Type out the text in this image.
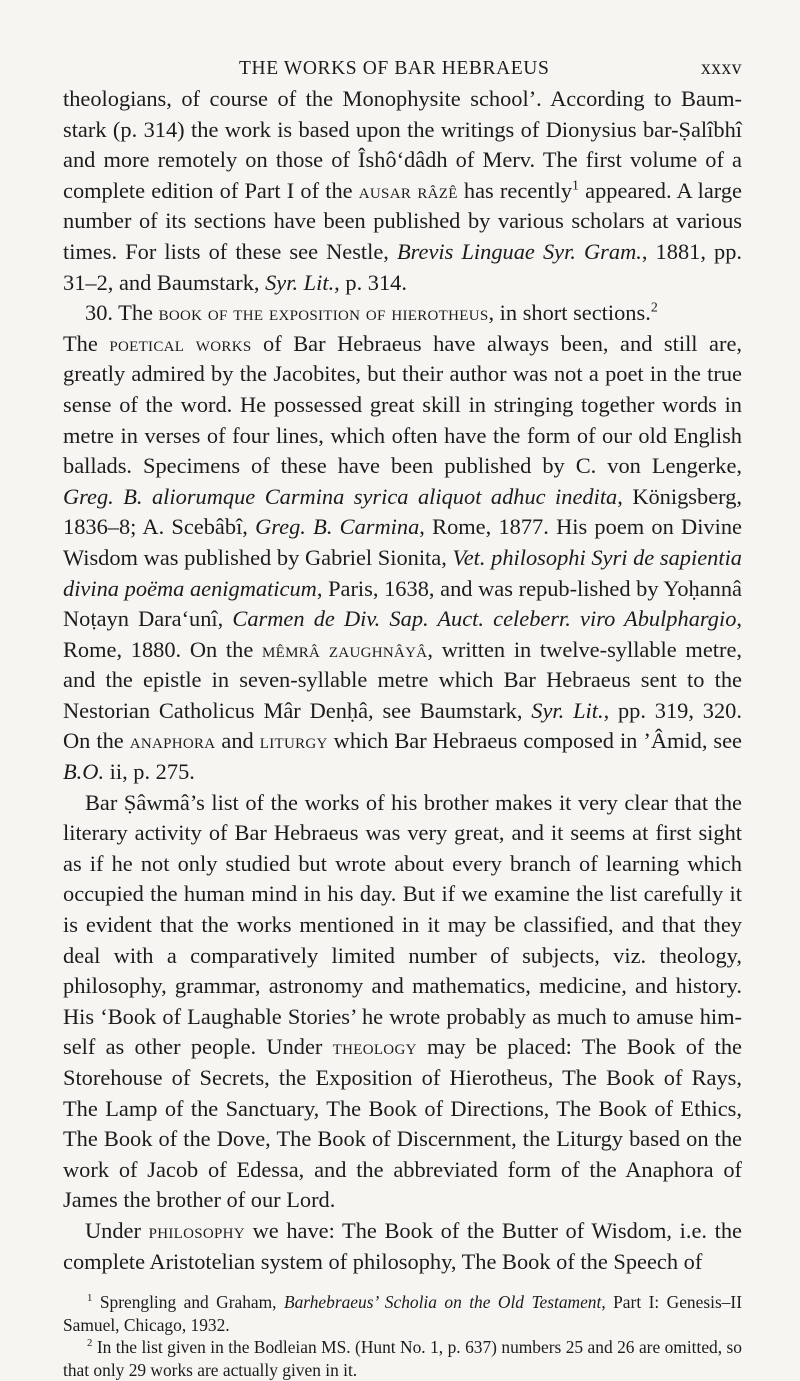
THE WORKS OF BAR HEBRAEUS	xxxv

theologians, of course of the Monophysite school’. According to Baum-stark (p. 314) the work is based upon the writings of Dionysius bar-Ṣalîbhî and more remotely on those of Îshô‘dâdh of Merv. The first volume of a complete edition of Part I of the ausar râzê has recently$^1$ appeared. A large number of its sections have been published by various scholars at various times. For lists of these see Nestle, Brevis Linguae Syr. Gram., 1881, pp. 31–2, and Baumstark, Syr. Lit., p. 314.

30. The book of the exposition of hierotheus, in short sections.$^2$

The poetical works of Bar Hebraeus have always been, and still are, greatly admired by the Jacobites, but their author was not a poet in the true sense of the word. He possessed great skill in stringing together words in metre in verses of four lines, which often have the form of our old English ballads. Specimens of these have been published by C. von Lengerke, Greg. B. aliorumque Carmina syrica aliquot adhuc inedita, Königsberg, 1836–8; A. Scebâbî, Greg. B. Carmina, Rome, 1877. His poem on Divine Wisdom was published by Gabriel Sionita, Vet. philosophi Syri de sapientia divina poëma aenigmaticum, Paris, 1638, and was repub-lished by Yoḥannâ Noṭayn Dara‘unî, Carmen de Div. Sap. Auct. celeberr. viro Abulphargio, Rome, 1880. On the mêmrâ zaughnâyâ, written in twelve-syllable metre, and the epistle in seven-syllable metre which Bar Hebraeus sent to the Nestorian Catholicus Mâr Denḥâ, see Baumstark, Syr. Lit., pp. 319, 320. On the anaphora and liturgy which Bar Hebraeus composed in ’Âmid, see B.O. ii, p. 275.

Bar Ṣâwmâ’s list of the works of his brother makes it very clear that the literary activity of Bar Hebraeus was very great, and it seems at first sight as if he not only studied but wrote about every branch of learning which occupied the human mind in his day. But if we examine the list carefully it is evident that the works mentioned in it may be classified, and that they deal with a comparatively limited number of subjects, viz. theology, philosophy, grammar, astronomy and mathematics, medicine, and history. His ‘Book of Laughable Stories’ he wrote probably as much to amuse him-self as other people. Under theology may be placed: The Book of the Storehouse of Secrets, the Exposition of Hierotheus, The Book of Rays, The Lamp of the Sanctuary, The Book of Directions, The Book of Ethics, The Book of the Dove, The Book of Discernment, the Liturgy based on the work of Jacob of Edessa, and the abbreviated form of the Anaphora of James the brother of our Lord.

Under philosophy we have: The Book of the Butter of Wisdom, i.e. the complete Aristotelian system of philosophy, The Book of the Speech of

$^1$ Sprengling and Graham, Barhebraeus’ Scholia on the Old Testament, Part I: Genesis–II Samuel, Chicago, 1932.

$^2$ In the list given in the Bodleian MS. (Hunt No. 1, p. 637) numbers 25 and 26 are omitted, so that only 29 works are actually given in it.
